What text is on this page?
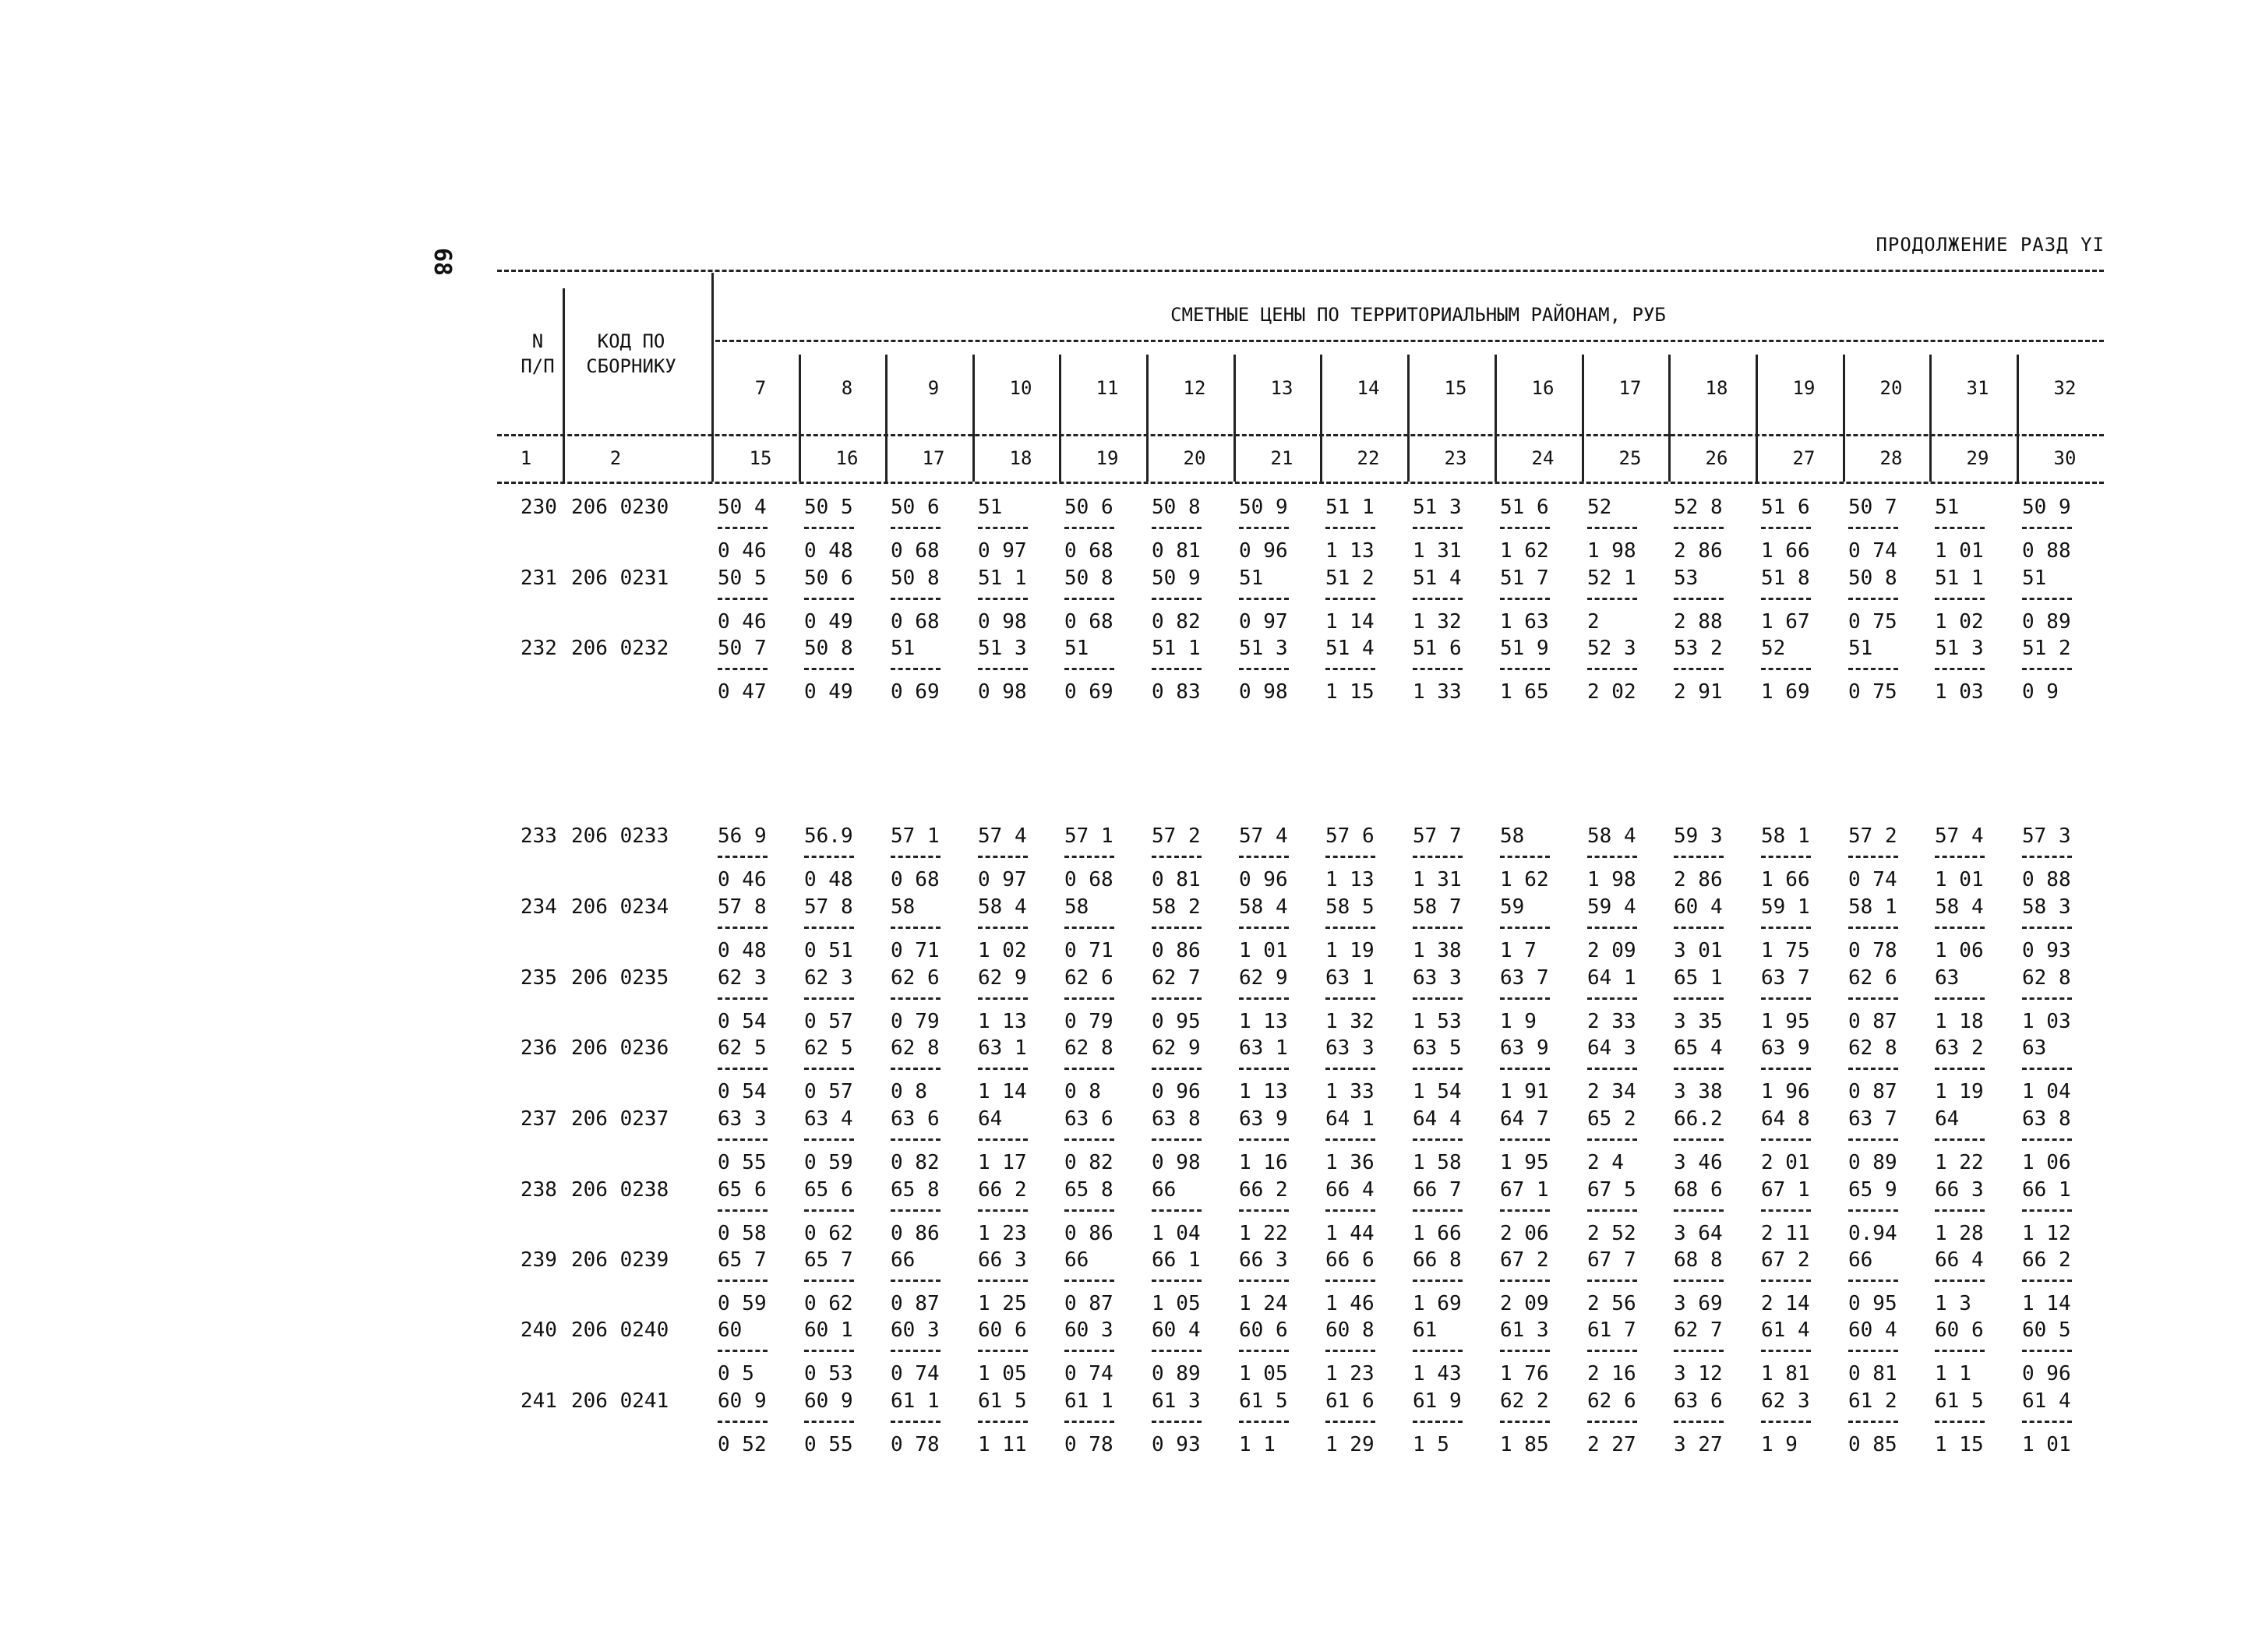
68
ПРОДОЛЖЕНИЕ РАЗД YI
N
П/П
КОД ПО
СБОРНИКУ
СМЕТНЫЕ ЦЕНЫ ПО ТЕРРИТОРИАЛЬНЫМ РАЙОНАМ, РУБ
7
15
8
16
9
17
10
18
11
19
12
20
13
21
14
22
15
23
16
24
17
25
18
26
19
27
20
28
31
29
32
30
1	2
230 206 0230 50 4
0 46
50 5
0 48
50 6
0 68
51
0 97
50 6
0 68
50 8
0 81
50 9
0 96
51 1
1 13
51 3
1 31
51 6
1 62
52
1 98
52 8
2 86
51 6
1 66
50 7
0 74
51
1 01
50 9
0 88
231 206 0231 50 5
0 46
50 6
0 49
50 8
0 68
51 1
0 98
50 8
0 68
50 9
0 82
51
0 97
51 2
1 14
51 4
1 32
51 7
1 63
52 1
2
53
2 88
51 8
1 67
50 8
0 75
51 1
1 02
51
0 89
232 206 0232 50 7
0 47
50 8
0 49
51
0 69
51 3
0 98
51
0 69
51 1
0 83
51 3
0 98
51 4
1 15
51 6
1 33
51 9
1 65
52 3
2 02
53 2
2 91
52
1 69
51
0 75
51 3
1 03
51 2
0 9
233 206 0233 56 9
0 46
56.9
0 48
57 1
0 68
57 4
0 97
57 1
0 68
57 2
0 81
57 4
0 96
57 6
1 13
57 7
1 31
58
1 62
58 4
1 98
59 3
2 86
58 1
1 66
57 2
0 74
57 4
1 01
57 3
0 88
234 206 0234 57 8
0 48
57 8
0 51
58
0 71
58 4
1 02
58
0 71
58 2
0 86
58 4
1 01
58 5
1 19
58 7
1 38
59
1 7
59 4
2 09
60 4
3 01
59 1
1 75
58 1
0 78
58 4
1 06
58 3
0 93
235 206 0235 62 3
0 54
62 3
0 57
62 6
0 79
62 9
1 13
62 6
0 79
62 7
0 95
62 9
1 13
63 1
1 32
63 3
1 53
63 7
1 9
64 1
2 33
65 1
3 35
63 7
1 95
62 6
0 87
63
1 18
62 8
1 03
236 206 0236 62 5
0 54
62 5
0 57
62 8
0 8
63 1
1 14
62 8
0 8
62 9
0 96
63 1
1 13
63 3
1 33
63 5
1 54
63 9
1 91
64 3
2 34
65 4
3 38
63 9
1 96
62 8
0 87
63 2
1 19
63
1 04
237 206 0237 63 3
0 55
63 4
0 59
63 6
0 82
64
1 17
63 6
0 82
63 8
0 98
63 9
1 16
64 1
1 36
64 4
1 58
64 7
1 95
65 2
2 4
66.2
3 46
64 8
2 01
63 7
0 89
64
1 22
63 8
1 06
238 206 0238 65 6
0 58
65 6
0 62
65 8
0 86
66 2
1 23
65 8
0 86
66
1 04
66 2
1 22
66 4
1 44
66 7
1 66
67 1
2 06
67 5
2 52
68 6
3 64
67 1
2 11
65 9
0.94
66 3
1 28
66 1
1 12
239 206 0239 65 7
0 59
65 7
0 62
66
0 87
66 3
1 25
66
0 87
66 1
1 05
66 3
1 24
66 6
1 46
66 8
1 69
67 2
2 09
67 7
2 56
68 8
3 69
67 2
2 14
66
0 95
66 4
1 3
66 2
1 14
240 206 0240 60
0 5
60 1
0 53
60 3
0 74
60 6
1 05
60 3
0 74
60 4
0 89
60 6
1 05
60 8
1 23
61
1 43
61 3
1 76
61 7
2 16
62 7
3 12
61 4
1 81
60 4
0 81
60 6
1 1
60 5
0 96
241 206 0241 60 9
0 52
60 9
0 55
61 1
0 78
61 5
1 11
61 1
0 78
61 3
0 93
61 5
1 1
61 6
1 29
61 9
1 5
62 2
1 85
62 6
2 27
63 6
3 27
62 3
1 9
61 2
0 85
61 5
1 15
61 4
1 01
